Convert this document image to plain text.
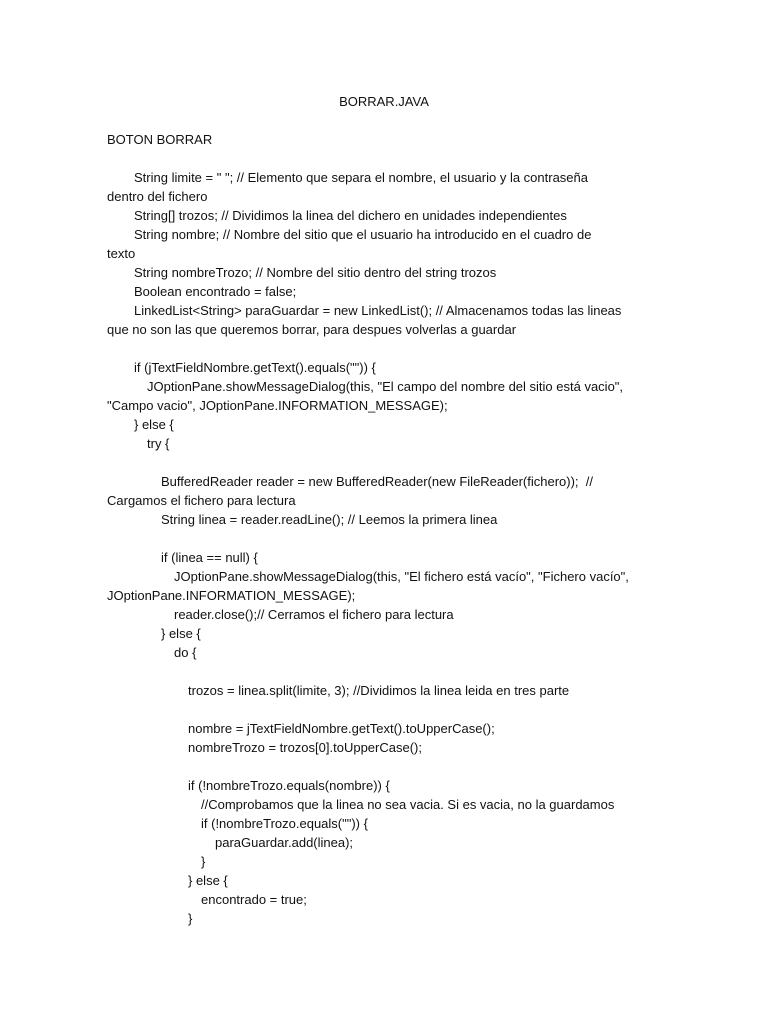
BORRAR.JAVA
BOTON BORRAR
String limite = " "; // Elemento que separa el nombre, el usuario y la contraseña
dentro del fichero
String[] trozos; // Dividimos la linea del dichero en unidades independientes
String nombre; // Nombre del sitio que el usuario ha introducido en el cuadro de
texto
String nombreTrozo; // Nombre del sitio dentro del string trozos
Boolean encontrado = false;
LinkedList<String> paraGuardar = new LinkedList(); // Almacenamos todas las lineas
que no son las que queremos borrar, para despues volverlas a guardar
if (jTextFieldNombre.getText().equals("")) {
JOptionPane.showMessageDialog(this, "El campo del nombre del sitio está vacio",
"Campo vacio", JOptionPane.INFORMATION_MESSAGE);
} else {
try {
BufferedReader reader = new BufferedReader(new FileReader(fichero));  //
Cargamos el fichero para lectura
String linea = reader.readLine(); // Leemos la primera linea
if (linea == null) {
JOptionPane.showMessageDialog(this, "El fichero está vacío", "Fichero vacío",
JOptionPane.INFORMATION_MESSAGE);
reader.close();// Cerramos el fichero para lectura
} else {
do {
trozos = linea.split(limite, 3); //Dividimos la linea leida en tres parte
nombre = jTextFieldNombre.getText().toUpperCase();
nombreTrozo = trozos[0].toUpperCase();
if (!nombreTrozo.equals(nombre)) {
//Comprobamos que la linea no sea vacia. Si es vacia, no la guardamos
if (!nombreTrozo.equals("")) {
paraGuardar.add(linea);
}
} else {
encontrado = true;
}
